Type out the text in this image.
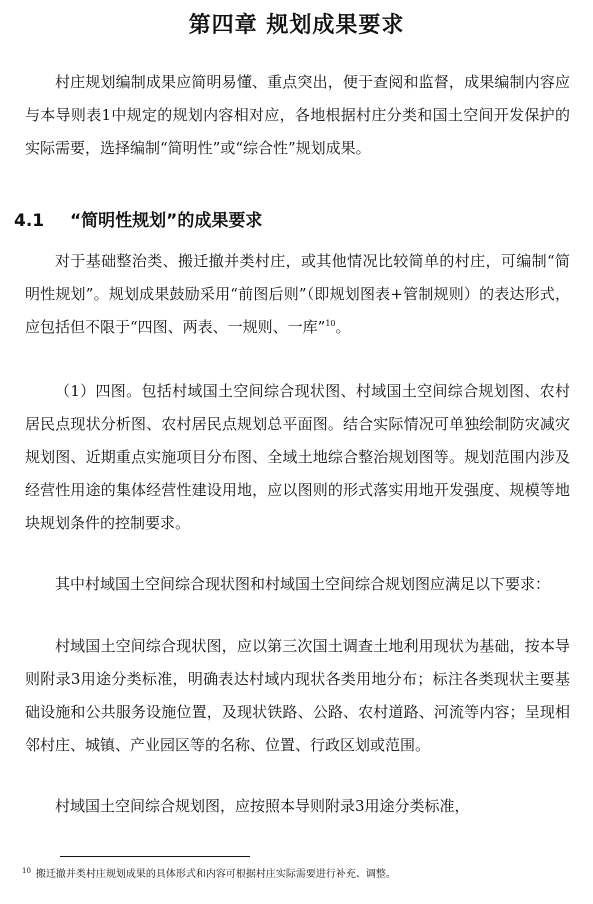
第四章 规划成果要求

村庄规划编制成果应简明易懂、重点突出，便于查阅和监督，成果编制内容应与本导则表1中规定的规划内容相对应，各地根据村庄分类和国土空间开发保护的实际需要，选择编制“简明性”或“综合性”规划成果。

4.1 “简明性规划”的成果要求

对于基础整治类、搬迁撤并类村庄，或其他情况比较简单的村庄，可编制“简明性规划”。规划成果鼓励采用“前图后则”（即规划图表+管制规则）的表达形式，应包括但不限于“四图、两表、一规则、一库”$^{10}$。

（1）四图。包括村域国土空间综合现状图、村域国土空间综合规划图、农村居民点现状分析图、农村居民点规划总平面图。结合实际情况可单独绘制防灾减灾规划图、近期重点实施项目分布图、全域土地综合整治规划图等。规划范围内涉及经营性用途的集体经营性建设用地，应以图则的形式落实用地开发强度、规模等地块规划条件的控制要求。

其中村域国土空间综合现状图和村域国土空间综合规划图应满足以下要求：

村域国土空间综合现状图，应以第三次国土调查土地利用现状为基础，按本导则附录3用途分类标准，明确表达村域内现状各类用地分布；标注各类现状主要基础设施和公共服务设施位置，及现状铁路、公路、农村道路、河流等内容；呈现相邻村庄、城镇、产业园区等的名称、位置、行政区划或范围。

村域国土空间综合规划图，应按照本导则附录3用途分类标准，

$^{10}$ 搬迁撤并类村庄规划成果的具体形式和内容可根据村庄实际需要进行补充、调整。
